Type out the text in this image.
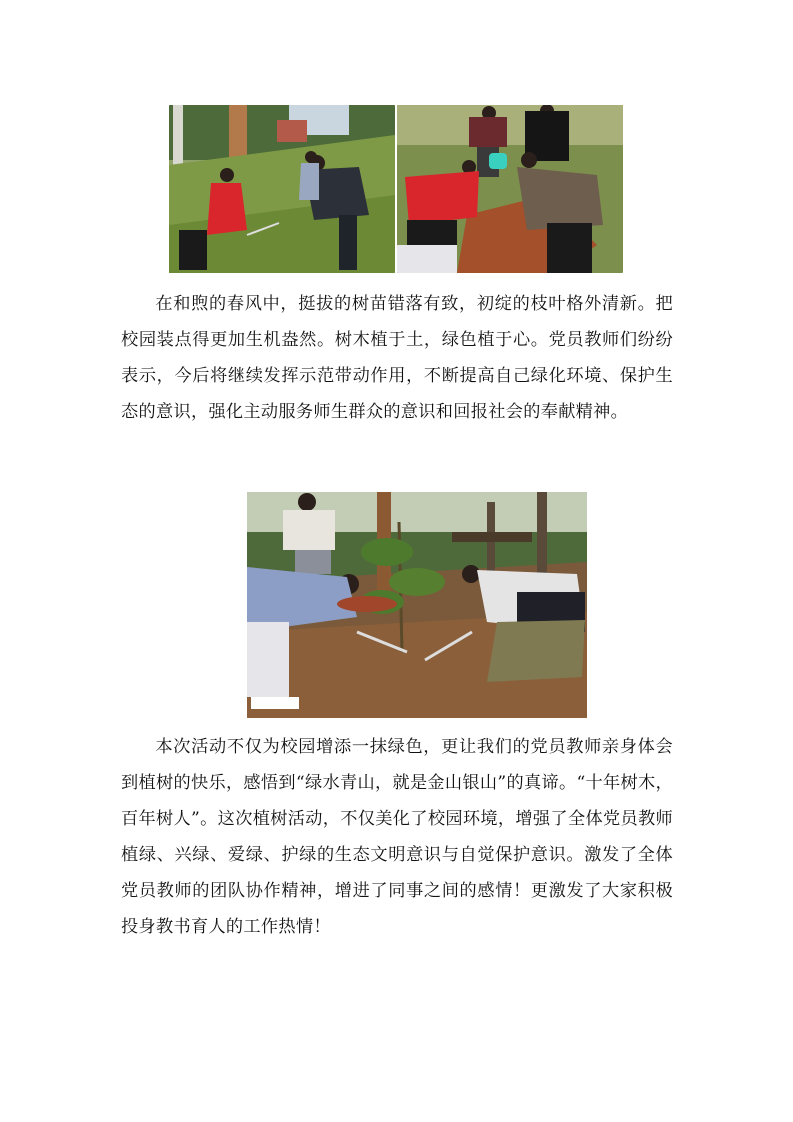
在和煦的春风中，挺拔的树苗错落有致，初绽的枝叶格外清新。把校园装点得更加生机盎然。树木植于土，绿色植于心。党员教师们纷纷表示，今后将继续发挥示范带动作用，不断提高自己绿化环境、保护生态的意识，强化主动服务师生群众的意识和回报社会的奉献精神。

本次活动不仅为校园增添一抹绿色，更让我们的党员教师亲身体会到植树的快乐，感悟到“绿水青山，就是金山银山”的真谛。“十年树木，百年树人”。这次植树活动，不仅美化了校园环境，增强了全体党员教师植绿、兴绿、爱绿、护绿的生态文明意识与自觉保护意识。激发了全体党员教师的团队协作精神，增进了同事之间的感情！更激发了大家积极投身教书育人的工作热情！
